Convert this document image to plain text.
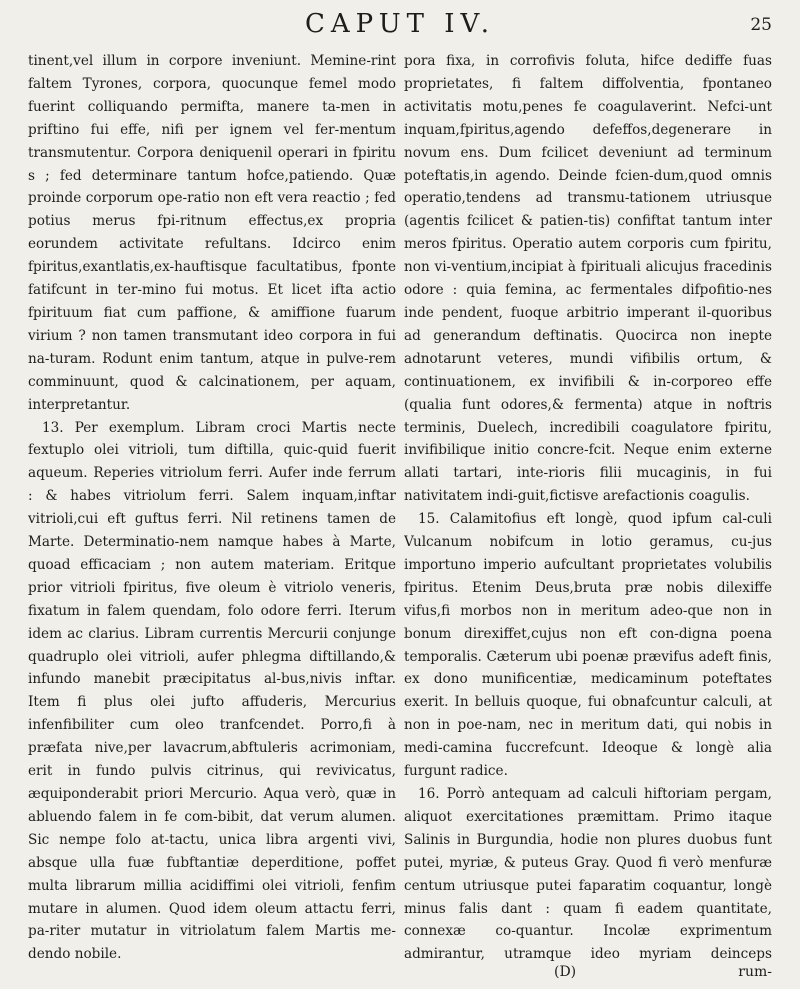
CAPUT IV.	25

tinent,vel illum in corpore inveniunt. Memine-rint faltem Tyrones, corpora, quocunque femel modo fuerint colliquando permifta, manere ta-men in priftino fui effe, nifi per ignem vel fer-mentum transmutentur. Corpora deniquenil operari in fpiritu s ; fed determinare tantum hofce,patiendo. Quæ proinde corporum ope-ratio non eft vera reactio ; fed potius merus fpi-ritnum effectus,ex propria eorundem activitate refultans. Idcirco enim fpiritus,exantlatis,ex-hauftisque facultatibus, fponte fatifcunt in ter-mino fui motus. Et licet ifta actio fpirituum fiat cum paffione, & amiffione fuarum virium ? non tamen transmutant ideo corpora in fui na-turam. Rodunt enim tantum, atque in pulve-rem comminuunt, quod & calcinationem, per aquam, interpretantur.

13. Per exemplum. Libram croci Martis necte fextuplo olei vitrioli, tum diftilla, quic-quid fuerit aqueum. Reperies vitriolum ferri. Aufer inde ferrum : & habes vitriolum ferri. Salem inquam,inftar vitrioli,cui eft guftus ferri. Nil retinens tamen de Marte. Determinatio-nem namque habes à Marte, quoad efficaciam ; non autem materiam. Eritque prior vitrioli fpiritus, five oleum è vitriolo veneris, fixatum in falem quendam, folo odore ferri. Iterum idem ac clarius. Libram currentis Mercurii conjunge quadruplo olei vitrioli, aufer phlegma diftillando,& infundo manebit præcipitatus al-bus,nivis inftar. Item fi plus olei jufto affuderis, Mercurius infenfibiliter cum oleo tranfcendet. Porro,fi à præfata nive,per lavacrum,abftuleris acrimoniam, erit in fundo pulvis citrinus, qui revivicatus, æquiponderabit priori Mercurio. Aqua verò, quæ in abluendo falem in fe com-bibit, dat verum alumen. Sic nempe folo at-tactu, unica libra argenti vivi, absque ulla fuæ fubftantiæ deperditione, poffet multa librarum millia acidiffimi olei vitrioli, fenfim mutare in alumen. Quod idem oleum attactu ferri, pa-riter mutatur in vitriolatum falem Martis me-dendo nobile.

pora fixa, in corrofivis foluta, hifce dediffe fuas proprietates, fi faltem diffolventia, fpontaneo activitatis motu,penes fe coagulaverint. Nefci-unt inquam,fpiritus,agendo defeffos,degenerare in novum ens. Dum fcilicet deveniunt ad terminum poteftatis,in agendo. Deinde fcien-dum,quod omnis operatio,tendens ad transmu-tationem utriusque (agentis fcilicet & patien-tis) confiftat tantum inter meros fpiritus. Operatio autem corporis cum fpiritu, non vi-ventium,incipiat à fpirituali alicujus fracedinis odore : quia femina, ac fermentales difpofitio-nes inde pendent, fuoque arbitrio imperant il-quoribus ad generandum deftinatis. Quocirca non inepte adnotarunt veteres, mundi vifibilis ortum, & continuationem, ex invifibili & in-corporeo effe (qualia funt odores,& fermenta) atque in noftris terminis, Duelech, incredibili coagulatore fpiritu, invifibilique initio concre-fcit. Neque enim externe allati tartari, inte-rioris filii mucaginis, in fui nativitatem indi-guit,fictisve arefactionis coagulis.

15. Calamitofius eft longè, quod ipfum cal-culi Vulcanum nobifcum in lotio geramus, cu-jus importuno imperio aufcultant proprietates volubilis fpiritus. Etenim Deus,bruta præ nobis dilexiffe vifus,fi morbos non in meritum adeo-que non in bonum direxiffet,cujus non eft con-digna poena temporalis. Cæterum ubi poenæ prævifus adeft finis, ex dono munificentiæ, medicaminum poteftates exerit. In belluis quoque, fui obnafcuntur calculi, at non in poe-nam, nec in meritum dati, qui nobis in medi-camina fuccrefcunt. Ideoque & longè alia furgunt radice.

16. Porrò antequam ad calculi hiftoriam pergam, aliquot exercitationes præmittam. Primo itaque Salinis in Burgundia, hodie non plures duobus funt putei, myriæ, & puteus Gray. Quod fi verò menfuræ centum utriusque putei faparatim coquantur, longè minus falis dant : quam fi eadem quantitate, connexæ co-quantur. Incolæ exprimentum admirantur, utramque ideo myriam deinceps

(D)	rum-
